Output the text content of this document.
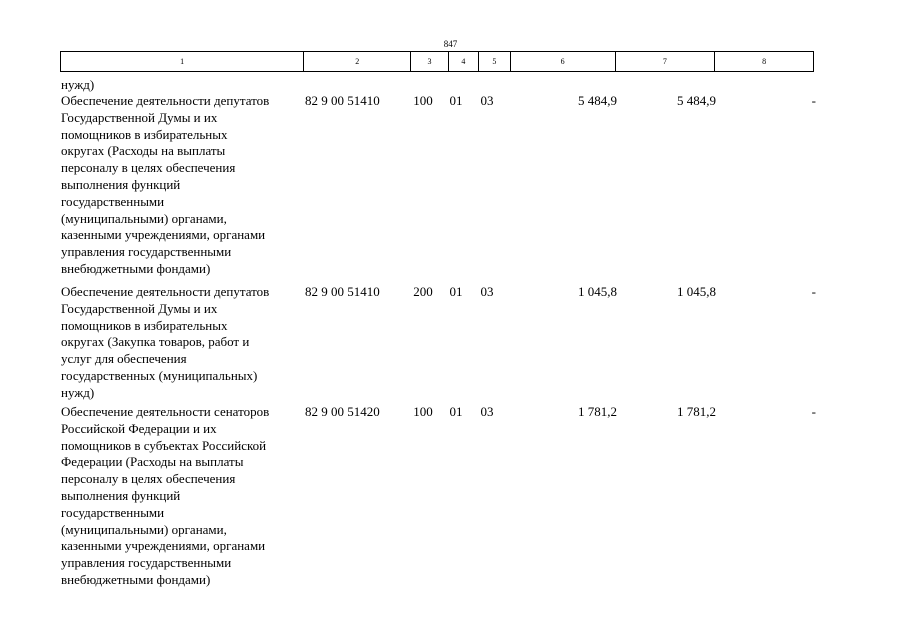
847
1	2	3	4	5	6	7	8
нужд)
Обеспечение деятельности депутатов
Государственной Думы и их
помощников в избирательных
округах (Расходы на выплаты
персоналу в целях обеспечения
выполнения функций
государственными
(муниципальными) органами,
казенными учреждениями, органами
управления государственными
внебюджетными фондами)
82 9 00 51410	100 01 03	5 484,9	5 484,9	-
Обеспечение деятельности депутатов
Государственной Думы и их
помощников в избирательных
округах (Закупка товаров, работ и
услуг для обеспечения
государственных (муниципальных)
нужд)
82 9 00 51410	200 01 03	1 045,8	1 045,8	-
Обеспечение деятельности сенаторов
Российской Федерации и их
помощников в субъектах Российской
Федерации (Расходы на выплаты
персоналу в целях обеспечения
выполнения функций
государственными
(муниципальными) органами,
казенными учреждениями, органами
управления государственными
внебюджетными фондами)
82 9 00 51420	100 01 03	1 781,2	1 781,2	-
